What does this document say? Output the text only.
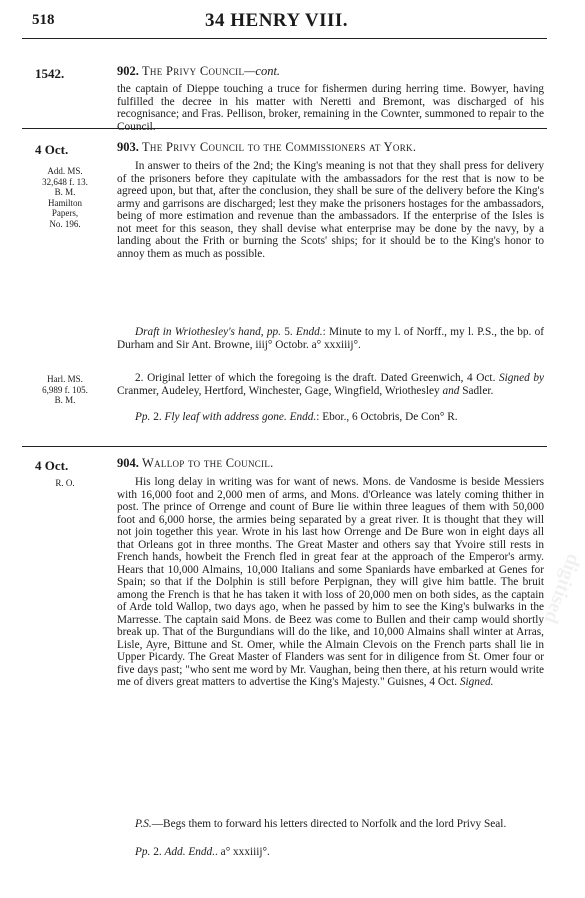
518	34 HENRY VIII.
1542.	902. The Privy Council—cont.

the captain of Dieppe touching a truce for fishermen during herring time. Bowyer, having fulfilled the decree in his matter with Neretti and Bremont, was discharged of his recognisance; and Fras. Pellison, broker, remaining in the Cownter, summoned to repair to the Council.

4 Oct.	903. The Privy Council to the Commissioners at York.
Add. MS.
32,648 f. 13.
B. M.
Hamilton
Papers,
No. 196.

In answer to theirs of the 2nd; the King's meaning is not that they shall press for delivery of the prisoners before they capitulate with the ambassadors for the rest that is now to be agreed upon, but that, after the conclusion, they shall be sure of the delivery before the King's army and garrisons are discharged; lest they make the prisoners hostages for the ambassadors, being of more estimation and revenue than the ambassadors. If the enterprise of the Isles is not meet for this season, they shall devise what enterprise may be done by the navy, by a landing about the Frith or burning the Scots' ships; for it should be to the King's honor to annoy them as much as possible.

Draft in Wriothesley's hand, pp. 5. Endd.: Minute to my l. of Norff., my l. P.S., the bp. of Durham and Sir Ant. Browne, iiij° Octobr. a° xxxiiij°.

Harl. MS.
6,989 f. 105.
B. M.

2. Original letter of which the foregoing is the draft. Dated Greenwich, 4 Oct. Signed by Cranmer, Audeley, Hertford, Winchester, Gage, Wingfield, Wriothesley and Sadler.

Pp. 2. Fly leaf with address gone. Endd.: Ebor., 6 Octobris, De Con° R.

4 Oct.	904. Wallop to the Council.
R. O.	His long delay in writing was for want of news. Mons. de Vandosme is beside Messiers with 16,000 foot and 2,000 men of arms, and Mons. d'Orleance was lately coming thither in post. The prince of Orrenge and count of Bure lie within three leagues of them with 50,000 foot and 6,000 horse, the armies being separated by a great river. It is thought that they will not join together this year. Wrote in his last how Orrenge and De Bure won in eight days all that Orleans got in three months. The Great Master and others say that Yvoire still rests in French hands, howbeit the French fled in great fear at the approach of the Emperor's army. Hears that 10,000 Almains, 10,000 Italians and some Spaniards have embarked at Genes for Spain; so that if the Dolphin is still before Perpignan, they will give him battle. The bruit among the French is that he has taken it with loss of 20,000 men on both sides, as the captain of Arde told Wallop, two days ago, when he passed by him to see the King's bulwarks in the Marresse. The captain said Mons. de Beez was come to Bullen and their camp would shortly break up. That of the Burgundians will do the like, and 10,000 Almains shall winter at Arras, Lisle, Ayre, Bittune and St. Omer, while the Almain Clevois on the French parts shall lie in Upper Picardy. The Great Master of Flanders was sent for in diligence from St. Omer four or five days past; "who sent me word by Mr. Vaughan, being then there, at his return would write me of divers great matters to advertise the King's Majesty." Guisnes, 4 Oct. Signed.

P.S.—Begs them to forward his letters directed to Norfolk and the lord Privy Seal.

Pp. 2. Add. Endd.. a° xxxiiij°.

digitised
